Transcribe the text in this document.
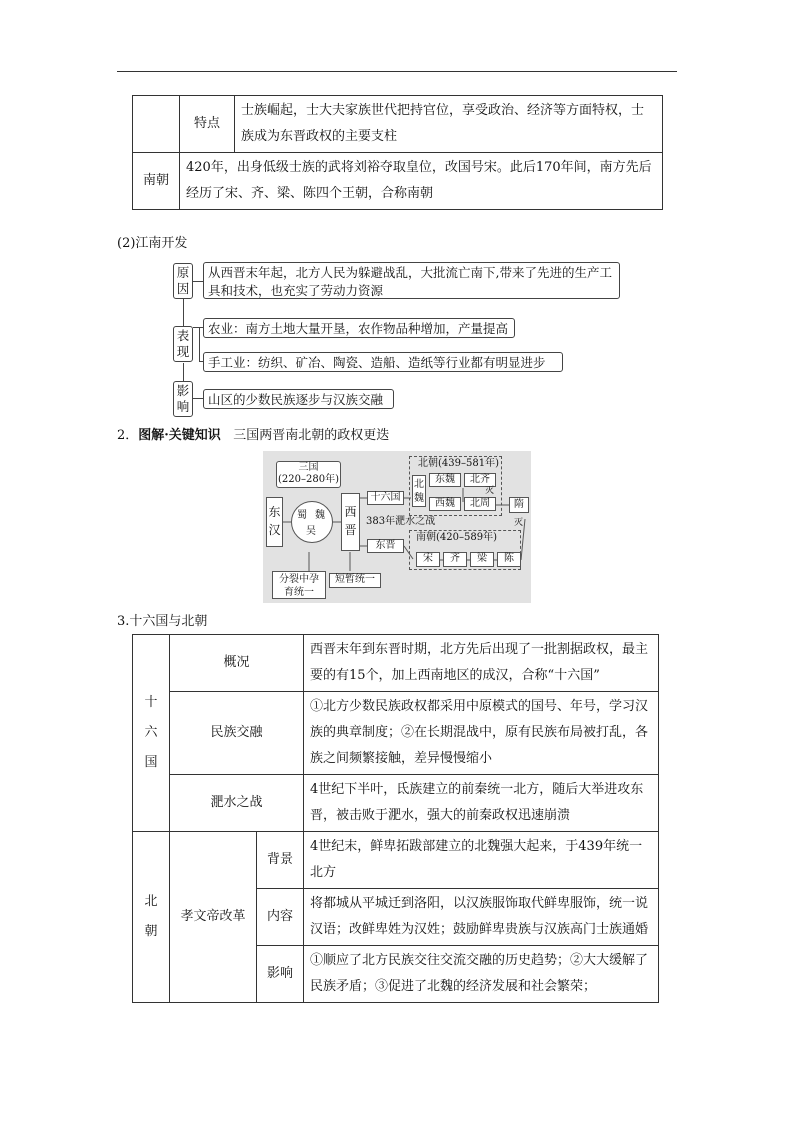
	特点	士族崛起，士大夫家族世代把持官位，享受政治、经济等方面特权，士族成为东晋政权的主要支柱
南朝	420年，出身低级士族的武将刘裕夺取皇位，改国号宋。此后170年间，南方先后经历了宋、齐、梁、陈四个王朝，合称南朝	
(2)江南开发
原因
从西晋末年起，北方人民为躲避战乱，大批流亡南下,带来了先进的生产工具和技术，也充实了劳动力资源
表现
农业：南方土地大量开垦，农作物品种增加，产量提高
手工业：纺织、矿冶、陶瓷、造船、造纸等行业都有明显进步
影响	山区的少数民族逐步与汉族交融
2．图解·关键知识 三国两晋南北朝的政权更迭
三国
(220–280年)
东汉
蜀 魏
吴
西晋
十六国
383年淝水之战
东晋
北朝(439–581年)
北魏
东魏	北齐
西魏	北周
灭
隋
灭
南朝(420–589年)
宋	齐	梁	陈
分裂中孕育统一
短暂统一
3.十六国与北朝
十六国	概况		西晋末年到东晋时期，北方先后出现了一批割据政权，最主要的有15个，加上西南地区的成汉，合称“十六国”
	民族交融		①北方少数民族政权都采用中原模式的国号、年号，学习汉族的典章制度；②在长期混战中，原有民族布局被打乱，各族之间频繁接触，差异慢慢缩小
	淝水之战		4世纪下半叶，氐族建立的前秦统一北方，随后大举进攻东晋，被击败于淝水，强大的前秦政权迅速崩溃

北朝	孝文帝改革	背景	4世纪末，鲜卑拓跋部建立的北魏强大起来，于439年统一北方
		内容	将都城从平城迁到洛阳，以汉族服饰取代鲜卑服饰，统一说汉语；改鲜卑姓为汉姓；鼓励鲜卑贵族与汉族高门士族通婚
		影响	①顺应了北方民族交往交流交融的历史趋势；②大大缓解了民族矛盾；③促进了北魏的经济发展和社会繁荣；
